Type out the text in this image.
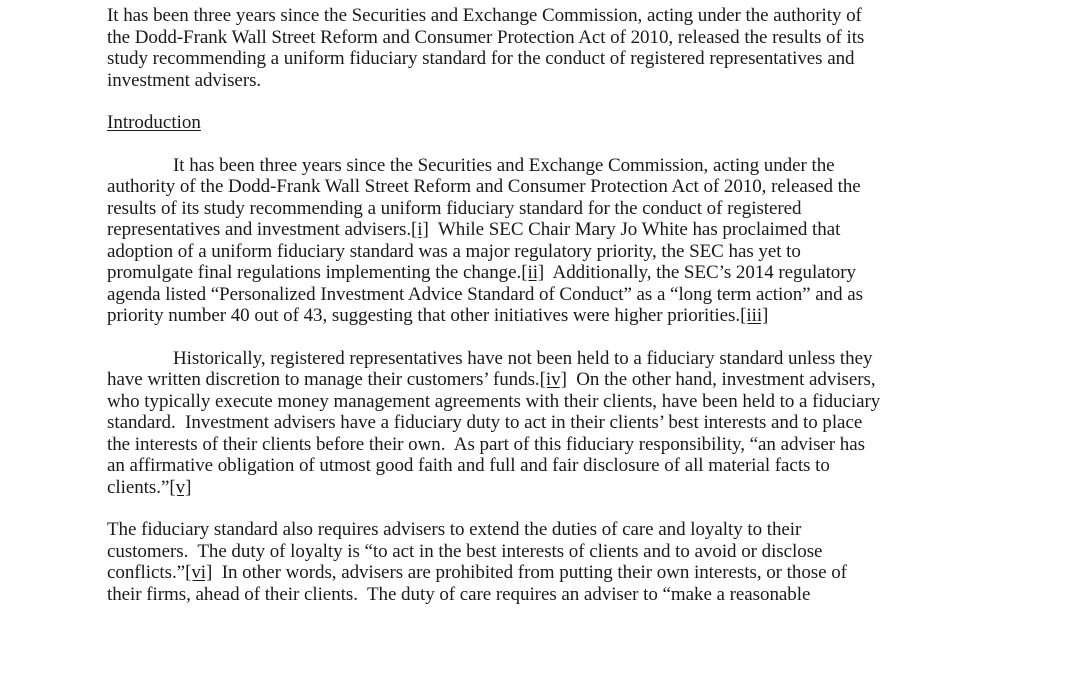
It has been three years since the Securities and Exchange Commission, acting under the authority of
the Dodd-Frank Wall Street Reform and Consumer Protection Act of 2010, released the results of its
study recommending a uniform fiduciary standard for the conduct of registered representatives and
investment advisers.
Introduction
It has been three years since the Securities and Exchange Commission, acting under the
authority of the Dodd-Frank Wall Street Reform and Consumer Protection Act of 2010, released the
results of its study recommending a uniform fiduciary standard for the conduct of registered
representatives and investment advisers.[i]  While SEC Chair Mary Jo White has proclaimed that
adoption of a uniform fiduciary standard was a major regulatory priority, the SEC has yet to
promulgate final regulations implementing the change.[ii]  Additionally, the SEC’s 2014 regulatory
agenda listed “Personalized Investment Advice Standard of Conduct” as a “long term action” and as
priority number 40 out of 43, suggesting that other initiatives were higher priorities.[iii]
Historically, registered representatives have not been held to a fiduciary standard unless they
have written discretion to manage their customers’ funds.[iv]  On the other hand, investment advisers,
who typically execute money management agreements with their clients, have been held to a fiduciary
standard.  Investment advisers have a fiduciary duty to act in their clients’ best interests and to place
the interests of their clients before their own.  As part of this fiduciary responsibility, “an adviser has
an affirmative obligation of utmost good faith and full and fair disclosure of all material facts to
clients.”[v]
The fiduciary standard also requires advisers to extend the duties of care and loyalty to their
customers.  The duty of loyalty is “to act in the best interests of clients and to avoid or disclose
conflicts.”[vi]  In other words, advisers are prohibited from putting their own interests, or those of
their firms, ahead of their clients.  The duty of care requires an adviser to “make a reasonable
